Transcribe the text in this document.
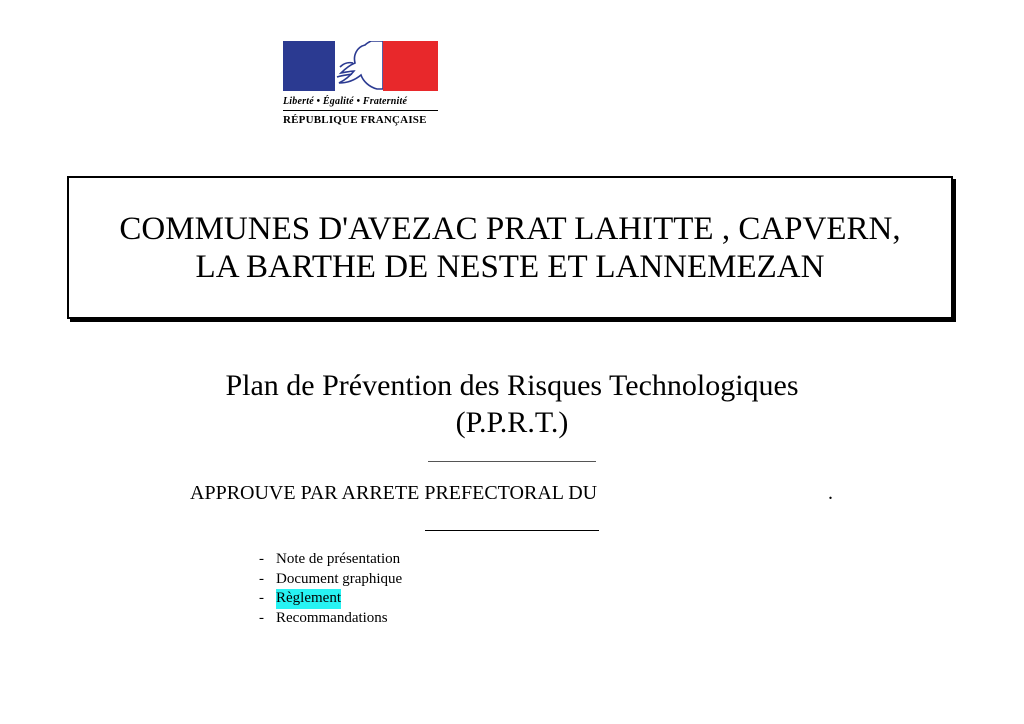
Liberté • Égalité • Fraternité
RÉPUBLIQUE FRANÇAISE
COMMUNES D'AVEZAC PRAT LAHITTE , CAPVERN,
LA BARTHE DE NESTE ET LANNEMEZAN
Plan de Prévention des Risques Technologiques
(P.P.R.T.)
APPROUVE PAR ARRETE PREFECTORAL DU	.
- Note de présentation
- Document graphique
- Règlement
- Recommandations
